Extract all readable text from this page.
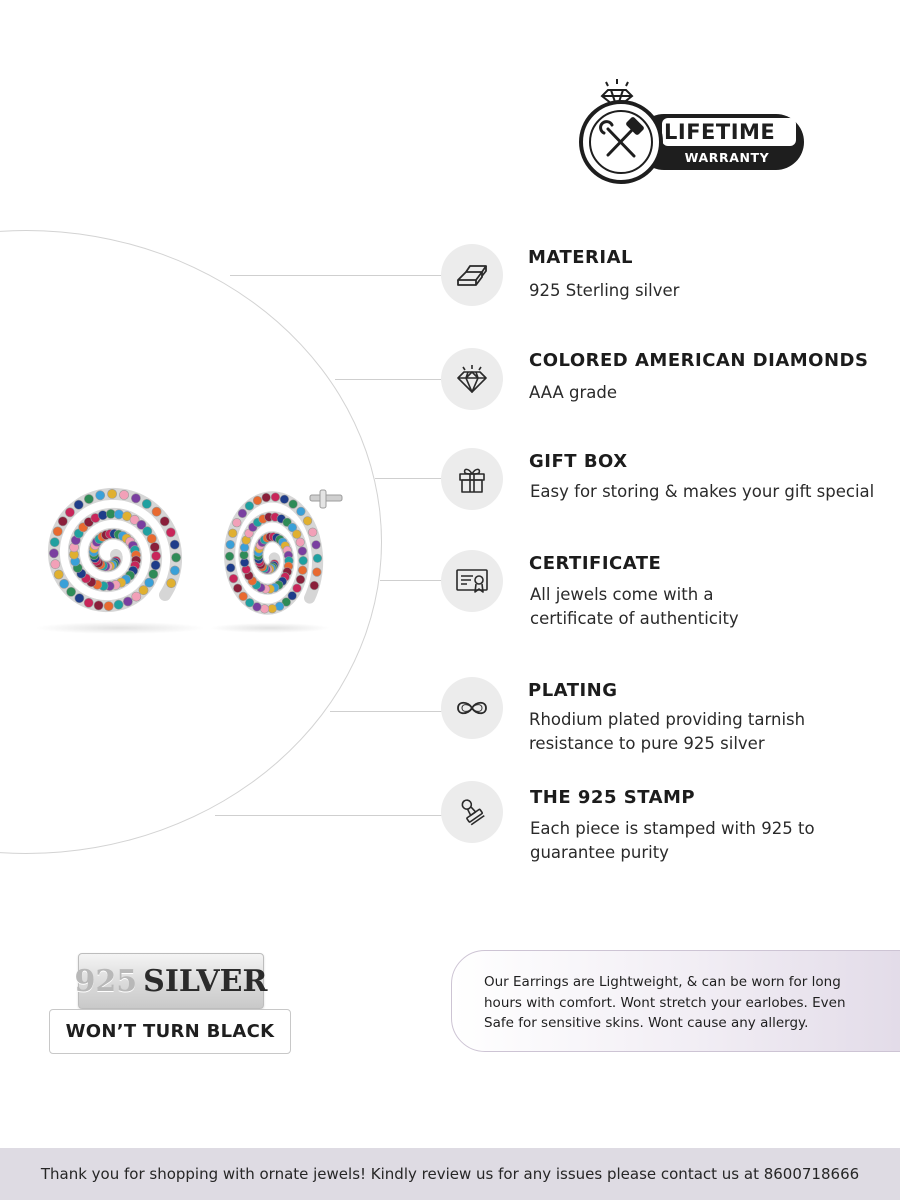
LIFETIME
WARRANTY
MATERIAL
925 Sterling silver
COLORED AMERICAN DIAMONDS
AAA grade
GIFT BOX
Easy for storing & makes your gift special
CERTIFICATE
All jewels come with a
certificate of authenticity
PLATING
Rhodium plated providing tarnish
resistance to pure 925 silver
THE 925 STAMP
Each piece is stamped with 925 to
guarantee purity
925 SILVER
WON’T TURN BLACK
Our Earrings are Lightweight, & can be worn for long
hours with comfort. Wont stretch your earlobes. Even
Safe for sensitive skins. Wont cause any allergy.
Thank you for shopping with ornate jewels! Kindly review us for any issues please contact us at 8600718666
